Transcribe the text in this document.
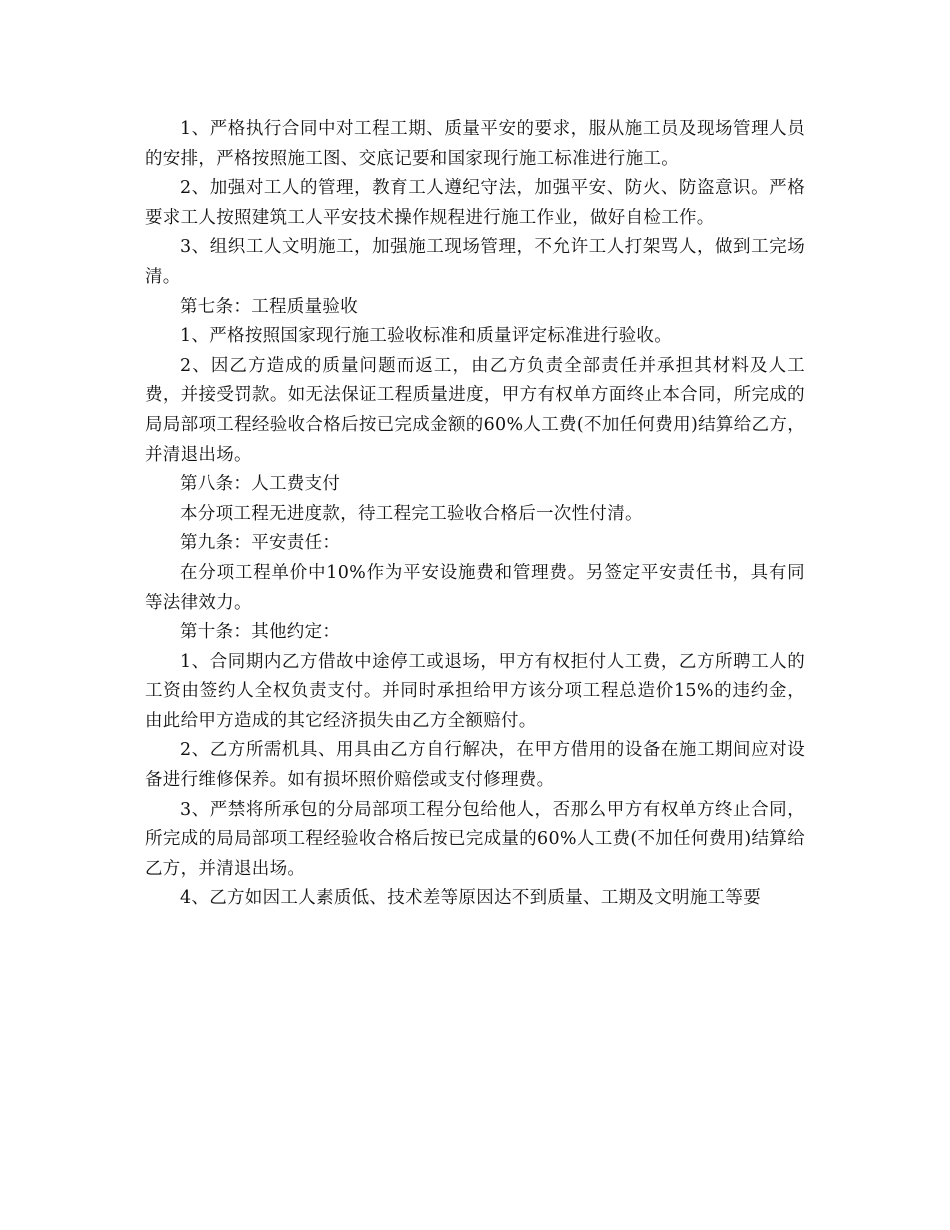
1、严格执行合同中对工程工期、质量平安的要求，服从施工员及现场管理人员的安排，严格按照施工图、交底记要和国家现行施工标准进行施工。

2、加强对工人的管理，教育工人遵纪守法，加强平安、防火、防盗意识。严格要求工人按照建筑工人平安技术操作规程进行施工作业，做好自检工作。

3、组织工人文明施工，加强施工现场管理，不允许工人打架骂人，做到工完场清。

第七条：工程质量验收

1、严格按照国家现行施工验收标准和质量评定标准进行验收。

2、因乙方造成的质量问题而返工，由乙方负责全部责任并承担其材料及人工费，并接受罚款。如无法保证工程质量进度，甲方有权单方面终止本合同，所完成的局局部项工程经验收合格后按已完成金额的60%人工费(不加任何费用)结算给乙方，并清退出场。

第八条：人工费支付

本分项工程无进度款，待工程完工验收合格后一次性付清。

第九条：平安责任：

在分项工程单价中10%作为平安设施费和管理费。另签定平安责任书，具有同等法律效力。

第十条：其他约定：

1、合同期内乙方借故中途停工或退场，甲方有权拒付人工费，乙方所聘工人的工资由签约人全权负责支付。并同时承担给甲方该分项工程总造价15%的违约金，由此给甲方造成的其它经济损失由乙方全额赔付。

2、乙方所需机具、用具由乙方自行解决，在甲方借用的设备在施工期间应对设备进行维修保养。如有损坏照价赔偿或支付修理费。

3、严禁将所承包的分局部项工程分包给他人，否那么甲方有权单方终止合同，所完成的局局部项工程经验收合格后按已完成量的60%人工费(不加任何费用)结算给乙方，并清退出场。

4、乙方如因工人素质低、技术差等原因达不到质量、工期及文明施工等要
